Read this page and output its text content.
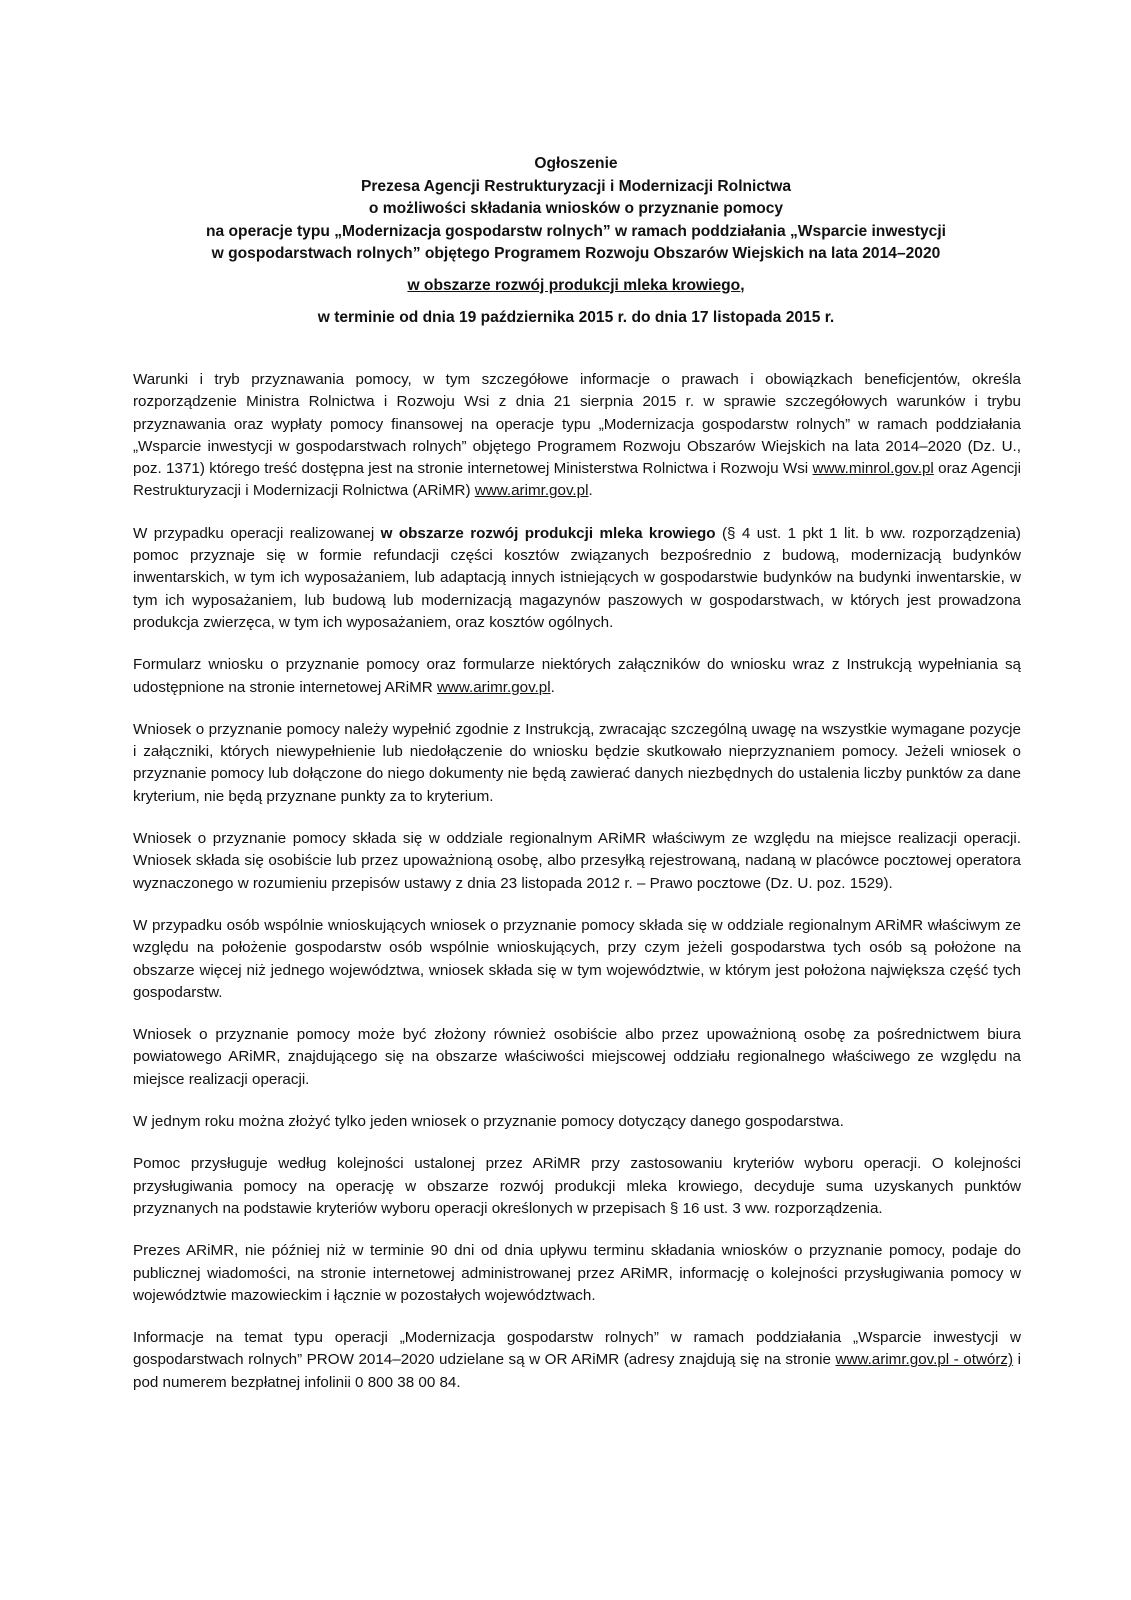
Ogłoszenie
Prezesa Agencji Restrukturyzacji i Modernizacji Rolnictwa
o możliwości składania wniosków o przyznanie pomocy
na operacje typu „Modernizacja gospodarstw rolnych” w ramach poddziałania „Wsparcie inwestycji
w gospodarstwach rolnych” objętego Programem Rozwoju Obszarów Wiejskich na lata 2014–2020
w obszarze rozwój produkcji mleka krowiego,
w terminie od dnia 19 października 2015 r. do dnia 17 listopada 2015 r.

Warunki i tryb przyznawania pomocy, w tym szczegółowe informacje o prawach i obowiązkach beneficjentów, określa rozporządzenie Ministra Rolnictwa i Rozwoju Wsi z dnia 21 sierpnia 2015 r. w sprawie szczegółowych warunków i trybu przyznawania oraz wypłaty pomocy finansowej na operacje typu „Modernizacja gospodarstw rolnych” w ramach poddziałania „Wsparcie inwestycji w gospodarstwach rolnych” objętego Programem Rozwoju Obszarów Wiejskich na lata 2014–2020 (Dz. U., poz. 1371) którego treść dostępna jest na stronie internetowej Ministerstwa Rolnictwa i Rozwoju Wsi www.minrol.gov.pl oraz Agencji Restrukturyzacji i Modernizacji Rolnictwa (ARiMR) www.arimr.gov.pl.

W przypadku operacji realizowanej w obszarze rozwój produkcji mleka krowiego (§ 4 ust. 1 pkt 1 lit. b ww. rozporządzenia) pomoc przyznaje się w formie refundacji części kosztów związanych bezpośrednio z budową, modernizacją budynków inwentarskich, w tym ich wyposażaniem, lub adaptacją innych istniejących w gospodarstwie budynków na budynki inwentarskie, w tym ich wyposażaniem, lub budową lub modernizacją magazynów paszowych w gospodarstwach, w których jest prowadzona produkcja zwierzęca, w tym ich wyposażaniem, oraz kosztów ogólnych.

Formularz wniosku o przyznanie pomocy oraz formularze niektórych załączników do wniosku wraz z Instrukcją wypełniania są udostępnione na stronie internetowej ARiMR www.arimr.gov.pl.

Wniosek o przyznanie pomocy należy wypełnić zgodnie z Instrukcją, zwracając szczególną uwagę na wszystkie wymagane pozycje i załączniki, których niewypełnienie lub niedołączenie do wniosku będzie skutkowało nieprzyznaniem pomocy. Jeżeli wniosek o przyznanie pomocy lub dołączone do niego dokumenty nie będą zawierać danych niezbędnych do ustalenia liczby punktów za dane kryterium, nie będą przyznane punkty za to kryterium.

Wniosek o przyznanie pomocy składa się w oddziale regionalnym ARiMR właściwym ze względu na miejsce realizacji operacji. Wniosek składa się osobiście lub przez upoważnioną osobę, albo przesyłką rejestrowaną, nadaną w placówce pocztowej operatora wyznaczonego w rozumieniu przepisów ustawy z dnia 23 listopada 2012 r. – Prawo pocztowe (Dz. U. poz. 1529).

W przypadku osób wspólnie wnioskujących wniosek o przyznanie pomocy składa się w oddziale regionalnym ARiMR właściwym ze względu na położenie gospodarstw osób wspólnie wnioskujących, przy czym jeżeli gospodarstwa tych osób są położone na obszarze więcej niż jednego województwa, wniosek składa się w tym województwie, w którym jest położona największa część tych gospodarstw.

Wniosek o przyznanie pomocy może być złożony również osobiście albo przez upoważnioną osobę za pośrednictwem biura powiatowego ARiMR, znajdującego się na obszarze właściwości miejscowej oddziału regionalnego właściwego ze względu na miejsce realizacji operacji.

W jednym roku można złożyć tylko jeden wniosek o przyznanie pomocy dotyczący danego gospodarstwa.

Pomoc przysługuje według kolejności ustalonej przez ARiMR przy zastosowaniu kryteriów wyboru operacji. O kolejności przysługiwania pomocy na operację w obszarze rozwój produkcji mleka krowiego, decyduje suma uzyskanych punktów przyznanych na podstawie kryteriów wyboru operacji określonych w przepisach § 16 ust. 3 ww. rozporządzenia.

Prezes ARiMR, nie później niż w terminie 90 dni od dnia upływu terminu składania wniosków o przyznanie pomocy, podaje do publicznej wiadomości, na stronie internetowej administrowanej przez ARiMR, informację o kolejności przysługiwania pomocy w województwie mazowieckim i łącznie w pozostałych województwach.

Informacje na temat typu operacji „Modernizacja gospodarstw rolnych” w ramach poddziałania „Wsparcie inwestycji w gospodarstwach rolnych” PROW 2014–2020 udzielane są w OR ARiMR (adresy znajdują się na stronie www.arimr.gov.pl - otwórz) i pod numerem bezpłatnej infolinii 0 800 38 00 84.
